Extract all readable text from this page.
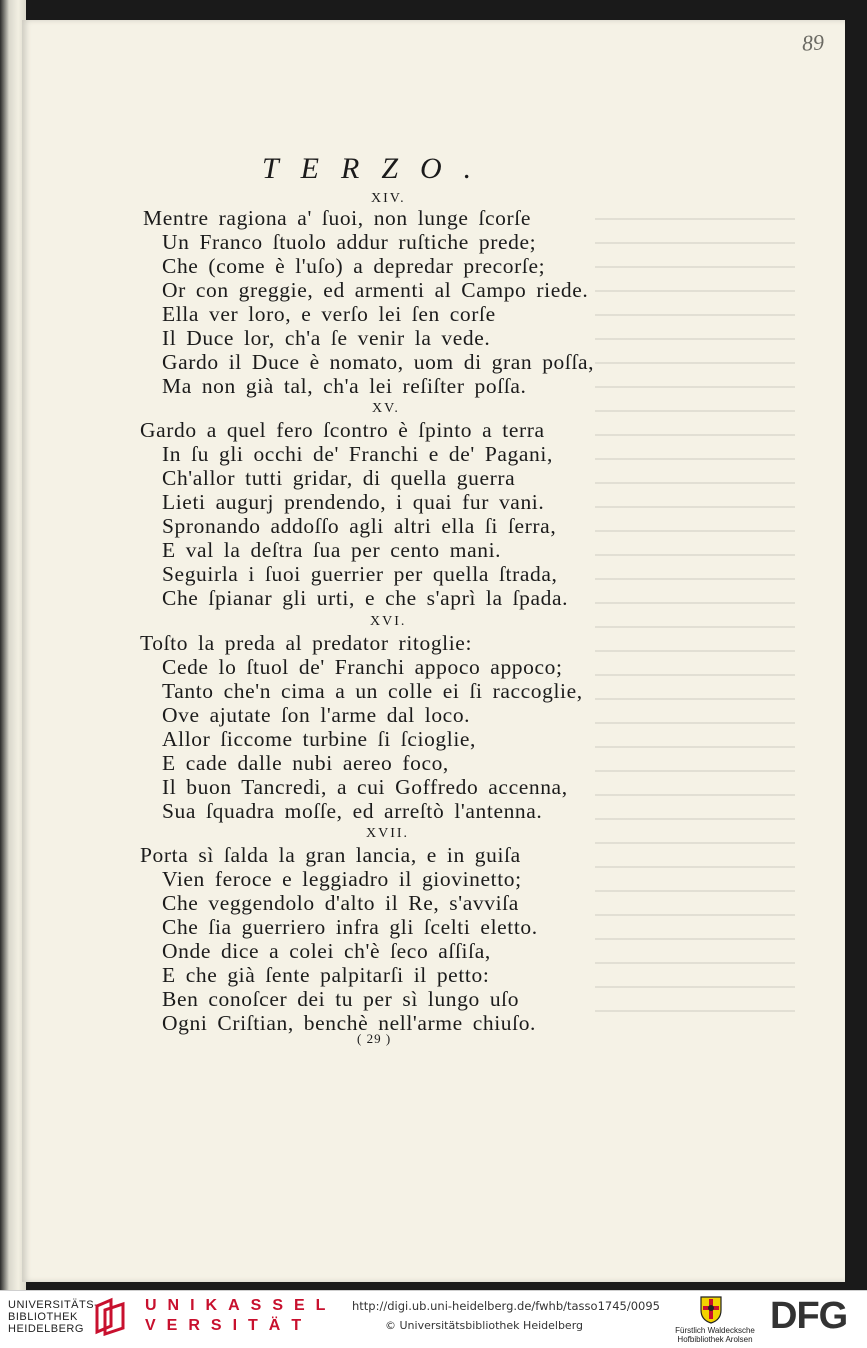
89
TERZO.
XIV.
Mentre ragiona a' ſuoi, non lunge ſcorſe
Un Franco ſtuolo addur ruſtiche prede;
Che (come è l'uſo) a depredar precorſe;
Or con greggie, ed armenti al Campo riede.
Ella ver loro, e verſo lei ſen corſe
Il Duce lor, ch'a ſe venir la vede.
Gardo il Duce è nomato, uom di gran poſſa,
Ma non già tal, ch'a lei reſiſter poſſa.
XV.
Gardo a quel fero ſcontro è ſpinto a terra
In ſu gli occhi de' Franchi e de' Pagani,
Ch'allor tutti gridar, di quella guerra
Lieti augurj prendendo, i quai fur vani.
Spronando addoſſo agli altri ella ſi ſerra,
E val la deſtra ſua per cento mani.
Seguirla i ſuoi guerrier per quella ſtrada,
Che ſpianar gli urti, e che s'aprì la ſpada.
XVI.
Toſto la preda al predator ritoglie:
Cede lo ſtuol de' Franchi appoco appoco;
Tanto che'n cima a un colle ei ſi raccoglie,
Ove ajutate ſon l'arme dal loco.
Allor ſiccome turbine ſi ſcioglie,
E cade dalle nubi aereo foco,
Il buon Tancredi, a cui Goffredo accenna,
Sua ſquadra moſſe, ed arreſtò l'antenna.
XVII.
Porta sì ſalda la gran lancia, e in guiſa
Vien feroce e leggiadro il giovinetto;
Che veggendolo d'alto il Re, s'avviſa
Che ſia guerriero infra gli ſcelti eletto.
Onde dice a colei ch'è ſeco aſſiſa,
E che già ſente palpitarſi il petto:
Ben conoſcer dei tu per sì lungo uſo
Ogni Criſtian, benchè nell'arme chiuſo.
( 29 )
UNIVERSITÄTS-
BIBLIOTHEK
HEIDELBERG
UNIKASSEL
VERSITÄT
http://digi.ub.uni-heidelberg.de/fwhb/tasso1745/0095
© Universitätsbibliothek Heidelberg	Fürstlich Waldecksche
Hofbibliothek Arolsen
DFG
